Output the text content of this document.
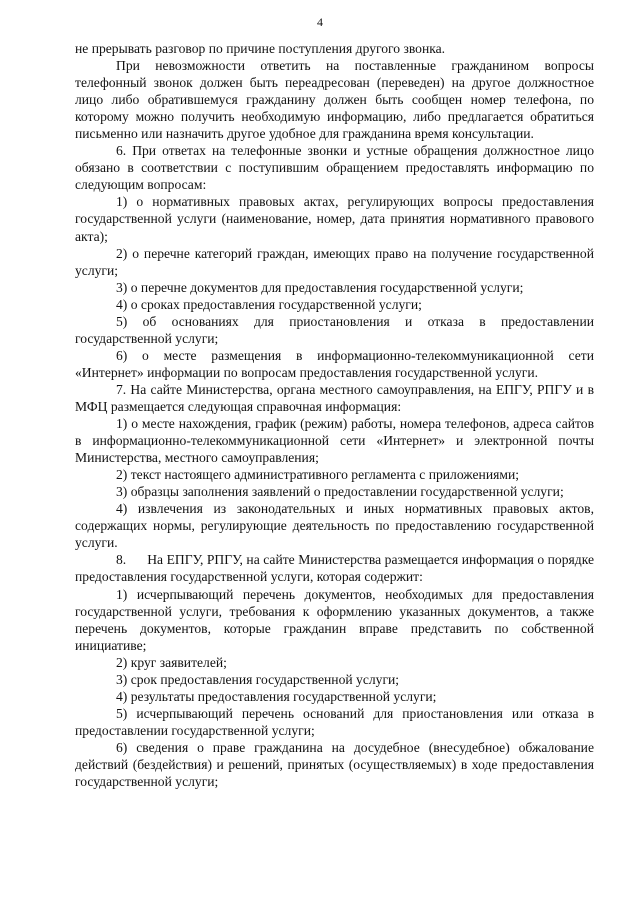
4

не прерывать разговор по причине поступления другого звонка.

При невозможности ответить на поставленные гражданином вопросы телефонный звонок должен быть переадресован (переведен) на другое должностное лицо либо обратившемуся гражданину должен быть сообщен номер телефона, по которому можно получить необходимую информацию, либо предлагается обратиться письменно или назначить другое удобное для гражданина время консультации.

6. При ответах на телефонные звонки и устные обращения должностное лицо обязано в соответствии с поступившим обращением предоставлять информацию по следующим вопросам:

1) о нормативных правовых актах, регулирующих вопросы предоставления государственной услуги (наименование, номер, дата принятия нормативного правового акта);

2) о перечне категорий граждан, имеющих право на получение государственной услуги;

3) о перечне документов для предоставления государственной услуги;

4) о сроках предоставления государственной услуги;

5) об основаниях для приостановления и отказа в предоставлении государственной услуги;

6) о месте размещения в информационно-телекоммуникационной сети «Интернет» информации по вопросам предоставления государственной услуги.

7. На сайте Министерства, органа местного самоуправления, на ЕПГУ, РПГУ и в МФЦ размещается следующая справочная информация:

1) о месте нахождения, график (режим) работы, номера телефонов, адреса сайтов в информационно-телекоммуникационной сети «Интернет» и электронной почты Министерства, местного самоуправления;

2) текст настоящего административного регламента с приложениями;

3) образцы заполнения заявлений о предоставлении государственной услуги;

4) извлечения из законодательных и иных нормативных правовых актов, содержащих нормы, регулирующие деятельность по предоставлению государственной услуги.

8.      На ЕПГУ, РПГУ, на сайте Министерства размещается информация о порядке предоставления государственной услуги, которая содержит:

1) исчерпывающий перечень документов, необходимых для предоставления государственной услуги, требования к оформлению указанных документов, а также перечень документов, которые гражданин вправе представить по собственной инициативе;

2) круг заявителей;

3) срок предоставления государственной услуги;

4) результаты предоставления государственной услуги;

5) исчерпывающий перечень оснований для приостановления или отказа в предоставлении государственной услуги;

6) сведения о праве гражданина на досудебное (внесудебное) обжалование действий (бездействия) и решений, принятых (осуществляемых) в ходе предоставления государственной услуги;
